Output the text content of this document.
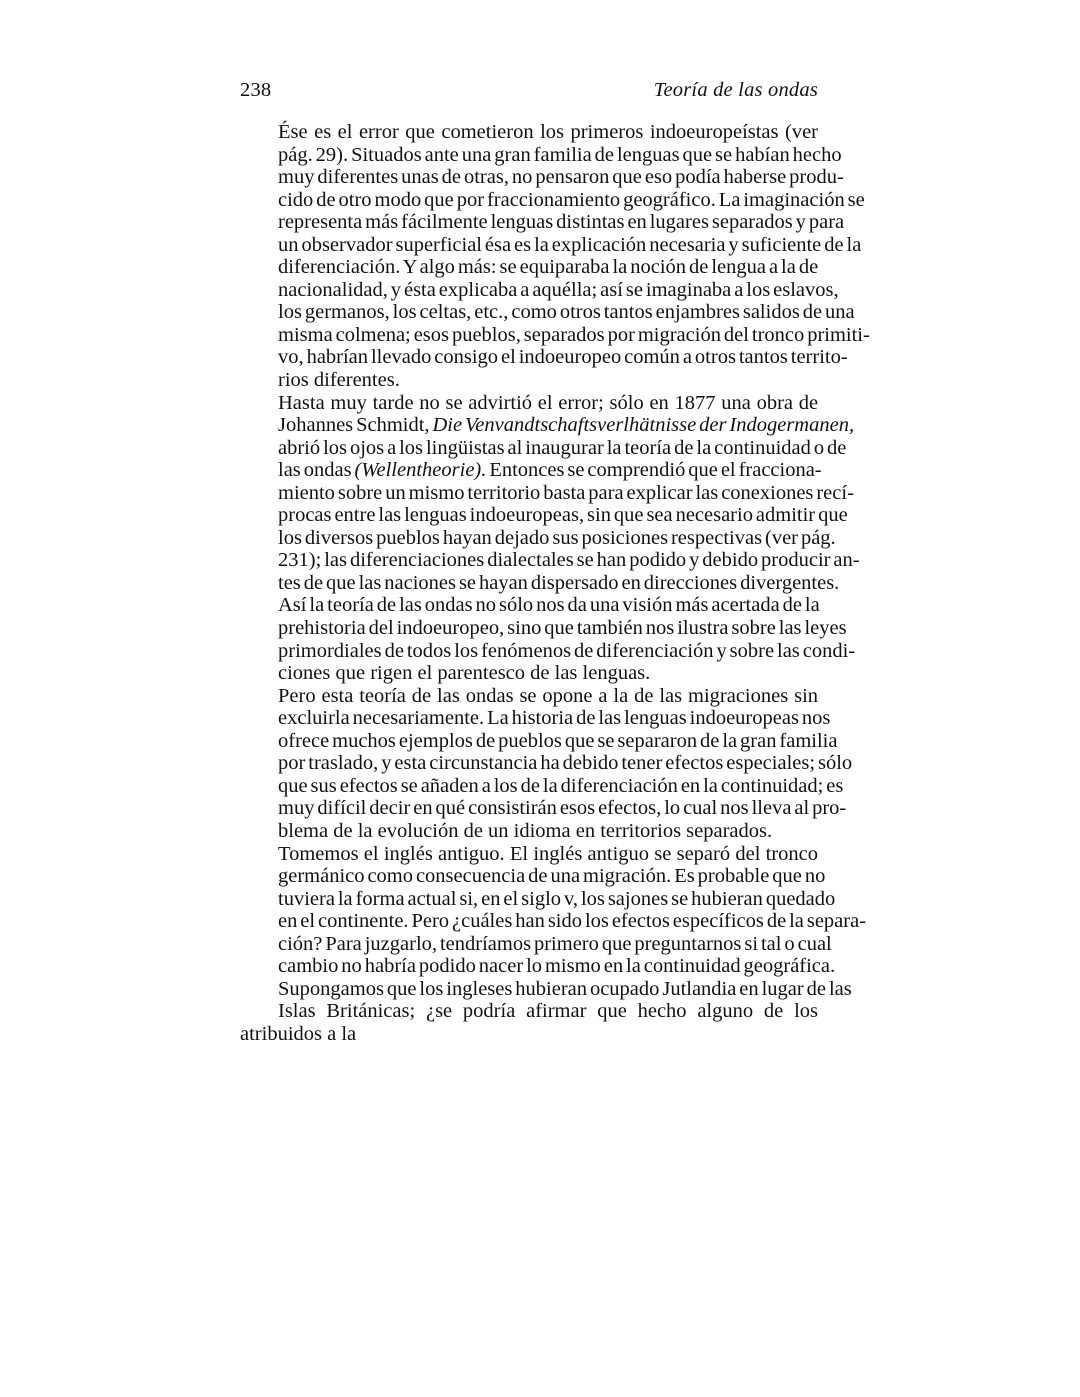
238	Teoría de las ondas

Ése es el error que cometieron los primeros indoeuropeístas (ver
pág. 29). Situados ante una gran familia de lenguas que se habían hecho
muy diferentes unas de otras, no pensaron que eso podía haberse produ-
cido de otro modo que por fraccionamiento geográfico. La imaginación se
representa más fácilmente lenguas distintas en lugares separados y para
un observador superficial ésa es la explicación necesaria y suficiente de la
diferenciación. Y algo más: se equiparaba la noción de lengua a la de
nacionalidad, y ésta explicaba a aquélla; así se imaginaba a los eslavos,
los germanos, los celtas, etc., como otros tantos enjambres salidos de una
misma colmena; esos pueblos, separados por migración del tronco primiti-
vo, habrían llevado consigo el indoeuropeo común a otros tantos territo-
rios diferentes.

Hasta muy tarde no se advirtió el error; sólo en 1877 una obra de
Johannes Schmidt, Die Venvandtschaftsverlhätnisse der Indogermanen,
abrió los ojos a los lingüistas al inaugurar la teoría de la continuidad o de
las ondas (Wellentheorie). Entonces se comprendió que el fracciona-
miento sobre un mismo territorio basta para explicar las conexiones recí-
procas entre las lenguas indoeuropeas, sin que sea necesario admitir que
los diversos pueblos hayan dejado sus posiciones respectivas (ver pág.
231); las diferenciaciones dialectales se han podido y debido producir an-
tes de que las naciones se hayan dispersado en direcciones divergentes.
Así la teoría de las ondas no sólo nos da una visión más acertada de la
prehistoria del indoeuropeo, sino que también nos ilustra sobre las leyes
primordiales de todos los fenómenos de diferenciación y sobre las condi-
ciones que rigen el parentesco de las lenguas.

Pero esta teoría de las ondas se opone a la de las migraciones sin
excluirla necesariamente. La historia de las lenguas indoeuropeas nos
ofrece muchos ejemplos de pueblos que se separaron de la gran familia
por traslado, y esta circunstancia ha debido tener efectos especiales; sólo
que sus efectos se añaden a los de la diferenciación en la continuidad; es
muy difícil decir en qué consistirán esos efectos, lo cual nos lleva al pro-
blema de la evolución de un idioma en territorios separados.

Tomemos el inglés antiguo. El inglés antiguo se separó del tronco
germánico como consecuencia de una migración. Es probable que no
tuviera la forma actual si, en el siglo v, los sajones se hubieran quedado
en el continente. Pero ¿cuáles han sido los efectos específicos de la separa-
ción? Para juzgarlo, tendríamos primero que preguntarnos si tal o cual
cambio no habría podido nacer lo mismo en la continuidad geográfica.
Supongamos que los ingleses hubieran ocupado Jutlandia en lugar de las
Islas Británicas; ¿se podría afirmar que hecho alguno de los atribuidos a la
